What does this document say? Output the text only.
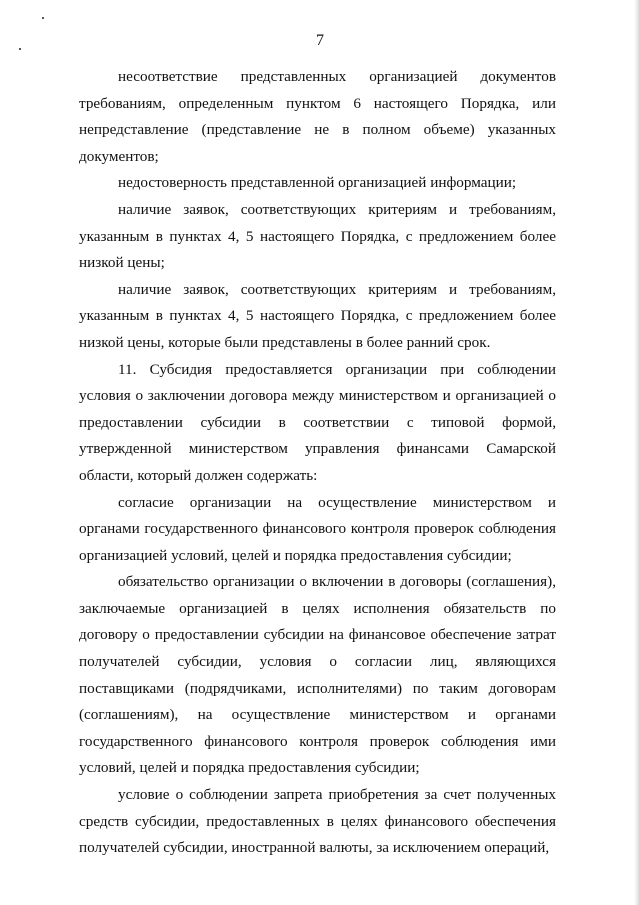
7

несоответствие представленных организацией документов требованиям, определенным пунктом 6 настоящего Порядка, или непредставление (представление не в полном объеме) указанных документов;

недостоверность представленной организацией информации;

наличие заявок, соответствующих критериям и требованиям, указанным в пунктах 4, 5 настоящего Порядка, с предложением более низкой цены;

наличие заявок, соответствующих критериям и требованиям, указанным в пунктах 4, 5 настоящего Порядка, с предложением более низкой цены, которые были представлены в более ранний срок.

11. Субсидия предоставляется организации при соблюдении условия о заключении договора между министерством и организацией о предоставлении субсидии в соответствии с типовой формой, утвержденной министерством управления финансами Самарской области, который должен содержать:

согласие организации на осуществление министерством и органами государственного финансового контроля проверок соблюдения организацией условий, целей и порядка предоставления субсидии;

обязательство организации о включении в договоры (соглашения), заключаемые организацией в целях исполнения обязательств по договору о предоставлении субсидии на финансовое обеспечение затрат получателей субсидии, условия о согласии лиц, являющихся поставщиками (подрядчиками, исполнителями) по таким договорам (соглашениям), на осуществление министерством и органами государственного финансового контроля проверок соблюдения ими условий, целей и порядка предоставления субсидии;

условие о соблюдении запрета приобретения за счет полученных средств субсидии, предоставленных в целях финансового обеспечения получателей субсидии, иностранной валюты, за исключением операций,
